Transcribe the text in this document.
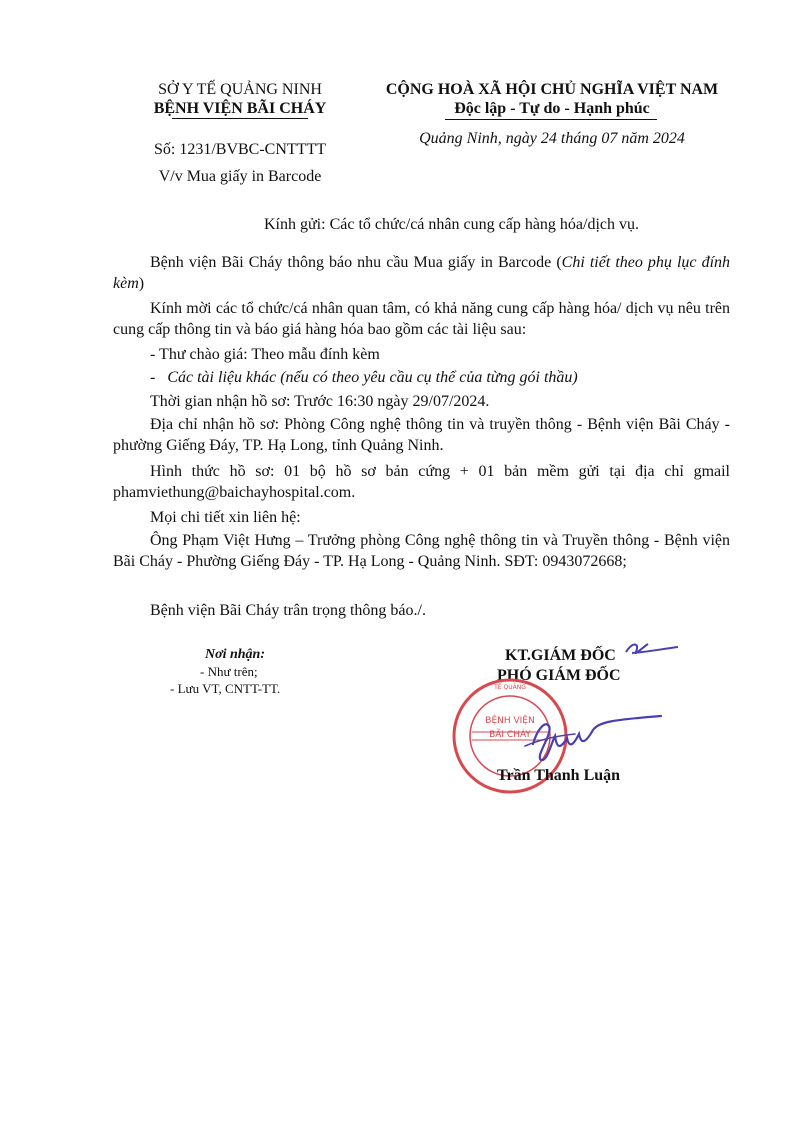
SỞ Y TẾ QUẢNG NINH
BỆNH VIỆN BÃI CHÁY
Số: 1231/BVBC-CNTTTT
V/v Mua giấy in Barcode
CỘNG HOÀ XÃ HỘI CHỦ NGHĨA VIỆT NAM
Độc lập - Tự do - Hạnh phúc
Quảng Ninh, ngày 24 tháng 07 năm 2024
Kính gửi: Các tổ chức/cá nhân cung cấp hàng hóa/dịch vụ.
Bệnh viện Bãi Cháy thông báo nhu cầu Mua giấy in Barcode (Chi tiết theo phụ lục đính kèm)
Kính mời các tổ chức/cá nhân quan tâm, có khả năng cung cấp hàng hóa/ dịch vụ nêu trên cung cấp thông tin và báo giá hàng hóa bao gồm các tài liệu sau:
- Thư chào giá: Theo mẫu đính kèm
- Các tài liệu khác (nếu có theo yêu cầu cụ thể của từng gói thầu)
Thời gian nhận hồ sơ: Trước 16:30 ngày 29/07/2024.
Địa chỉ nhận hồ sơ: Phòng Công nghệ thông tin và truyền thông - Bệnh viện Bãi Cháy - phường Giếng Đáy, TP. Hạ Long, tỉnh Quảng Ninh.
Hình thức hồ sơ: 01 bộ hồ sơ bản cứng + 01 bản mềm gửi tại địa chỉ gmail phamviethung@baichayhospital.com.
Mọi chi tiết xin liên hệ:
Ông Phạm Việt Hưng – Trưởng phòng Công nghệ thông tin và Truyền thông - Bệnh viện Bãi Cháy - Phường Giếng Đáy - TP. Hạ Long - Quảng Ninh. SĐT: 0943072668;
Bệnh viện Bãi Cháy trân trọng thông báo./.
Nơi nhận:
- Như trên;
- Lưu VT, CNTT-TT.
KT.GIÁM ĐỐC
PHÓ GIÁM ĐỐC
BỆNH VIỆN
BÃI CHÁY
TẾ QUẢNG
Trần Thanh Luận
